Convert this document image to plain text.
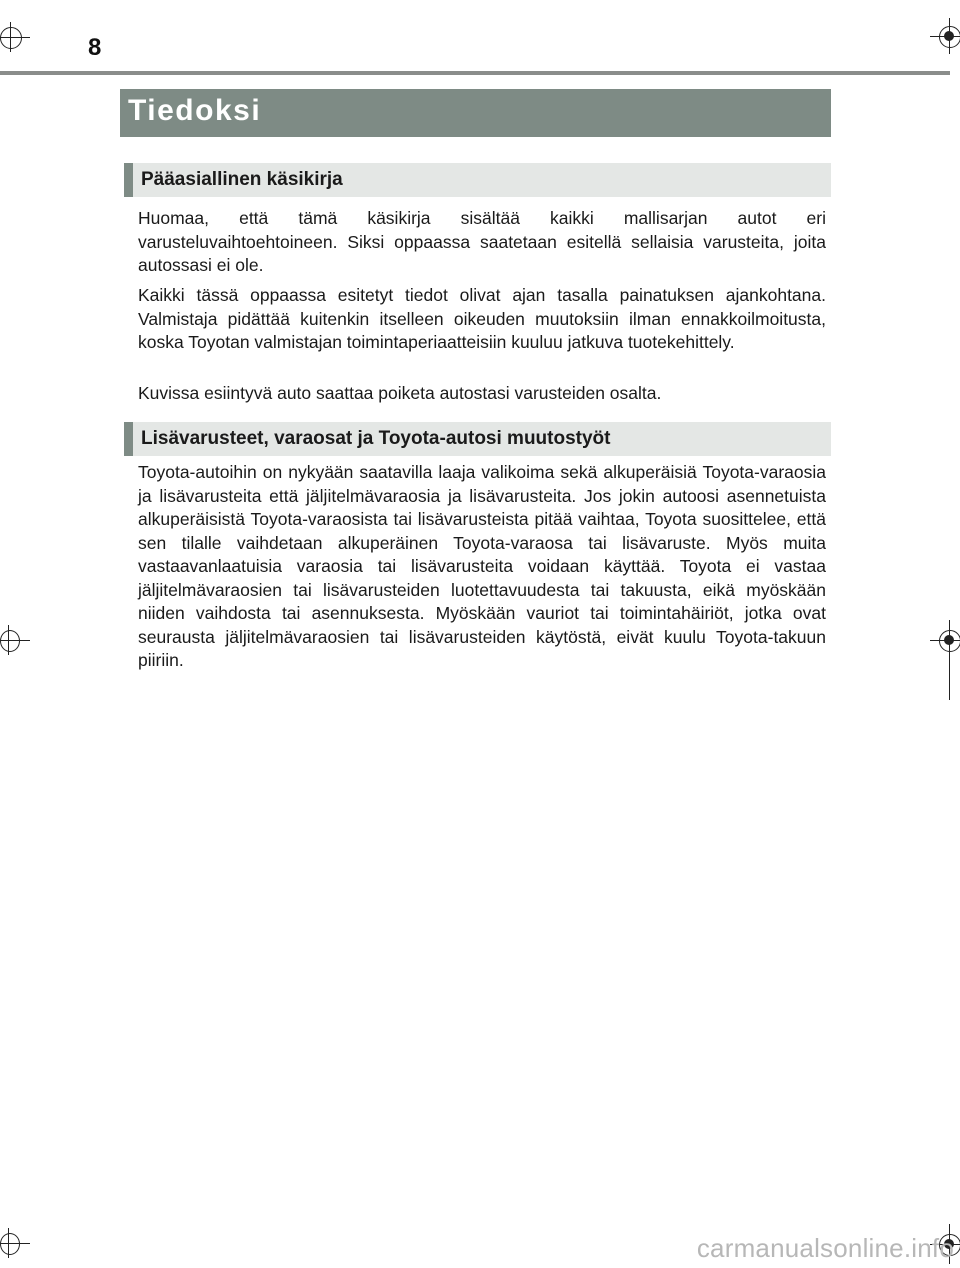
8
Tiedoksi
Pääasiallinen käsikirja

Huomaa, että tämä käsikirja sisältää kaikki mallisarjan autot eri varusteluvaihtoehtoineen. Siksi oppaassa saatetaan esitellä sellaisia varusteita, joita autossasi ei ole.

Kaikki tässä oppaassa esitetyt tiedot olivat ajan tasalla painatuksen ajankohtana. Valmistaja pidättää kuitenkin itselleen oikeuden muutoksiin ilman ennakkoilmoitusta, koska Toyotan valmistajan toimintaperiaatteisiin kuuluu jatkuva tuotekehittely.

Kuvissa esiintyvä auto saattaa poiketa autostasi varusteiden osalta.

Lisävarusteet, varaosat ja Toyota-autosi muutostyöt

Toyota-autoihin on nykyään saatavilla laaja valikoima sekä alkuperäisiä Toyota-varaosia ja lisävarusteita että jäljitelmävaraosia ja lisävarusteita. Jos jokin autoosi asennetuista alkuperäisistä Toyota-varaosista tai lisävarusteista pitää vaihtaa, Toyota suosittelee, että sen tilalle vaihdetaan alkuperäinen Toyota-varaosa tai lisävaruste. Myös muita vastaavanlaatuisia varaosia tai lisävarusteita voidaan käyttää. Toyota ei vastaa jäljitelmävaraosien tai lisävarusteiden luotettavuudesta tai takuusta, eikä myöskään niiden vaihdosta tai asennuksesta. Myöskään vauriot tai toimintahäiriöt, jotka ovat seurausta jäljitelmävaraosien tai lisävarusteiden käytöstä, eivät kuulu Toyota-takuun piiriin.

carmanualsonline.info
